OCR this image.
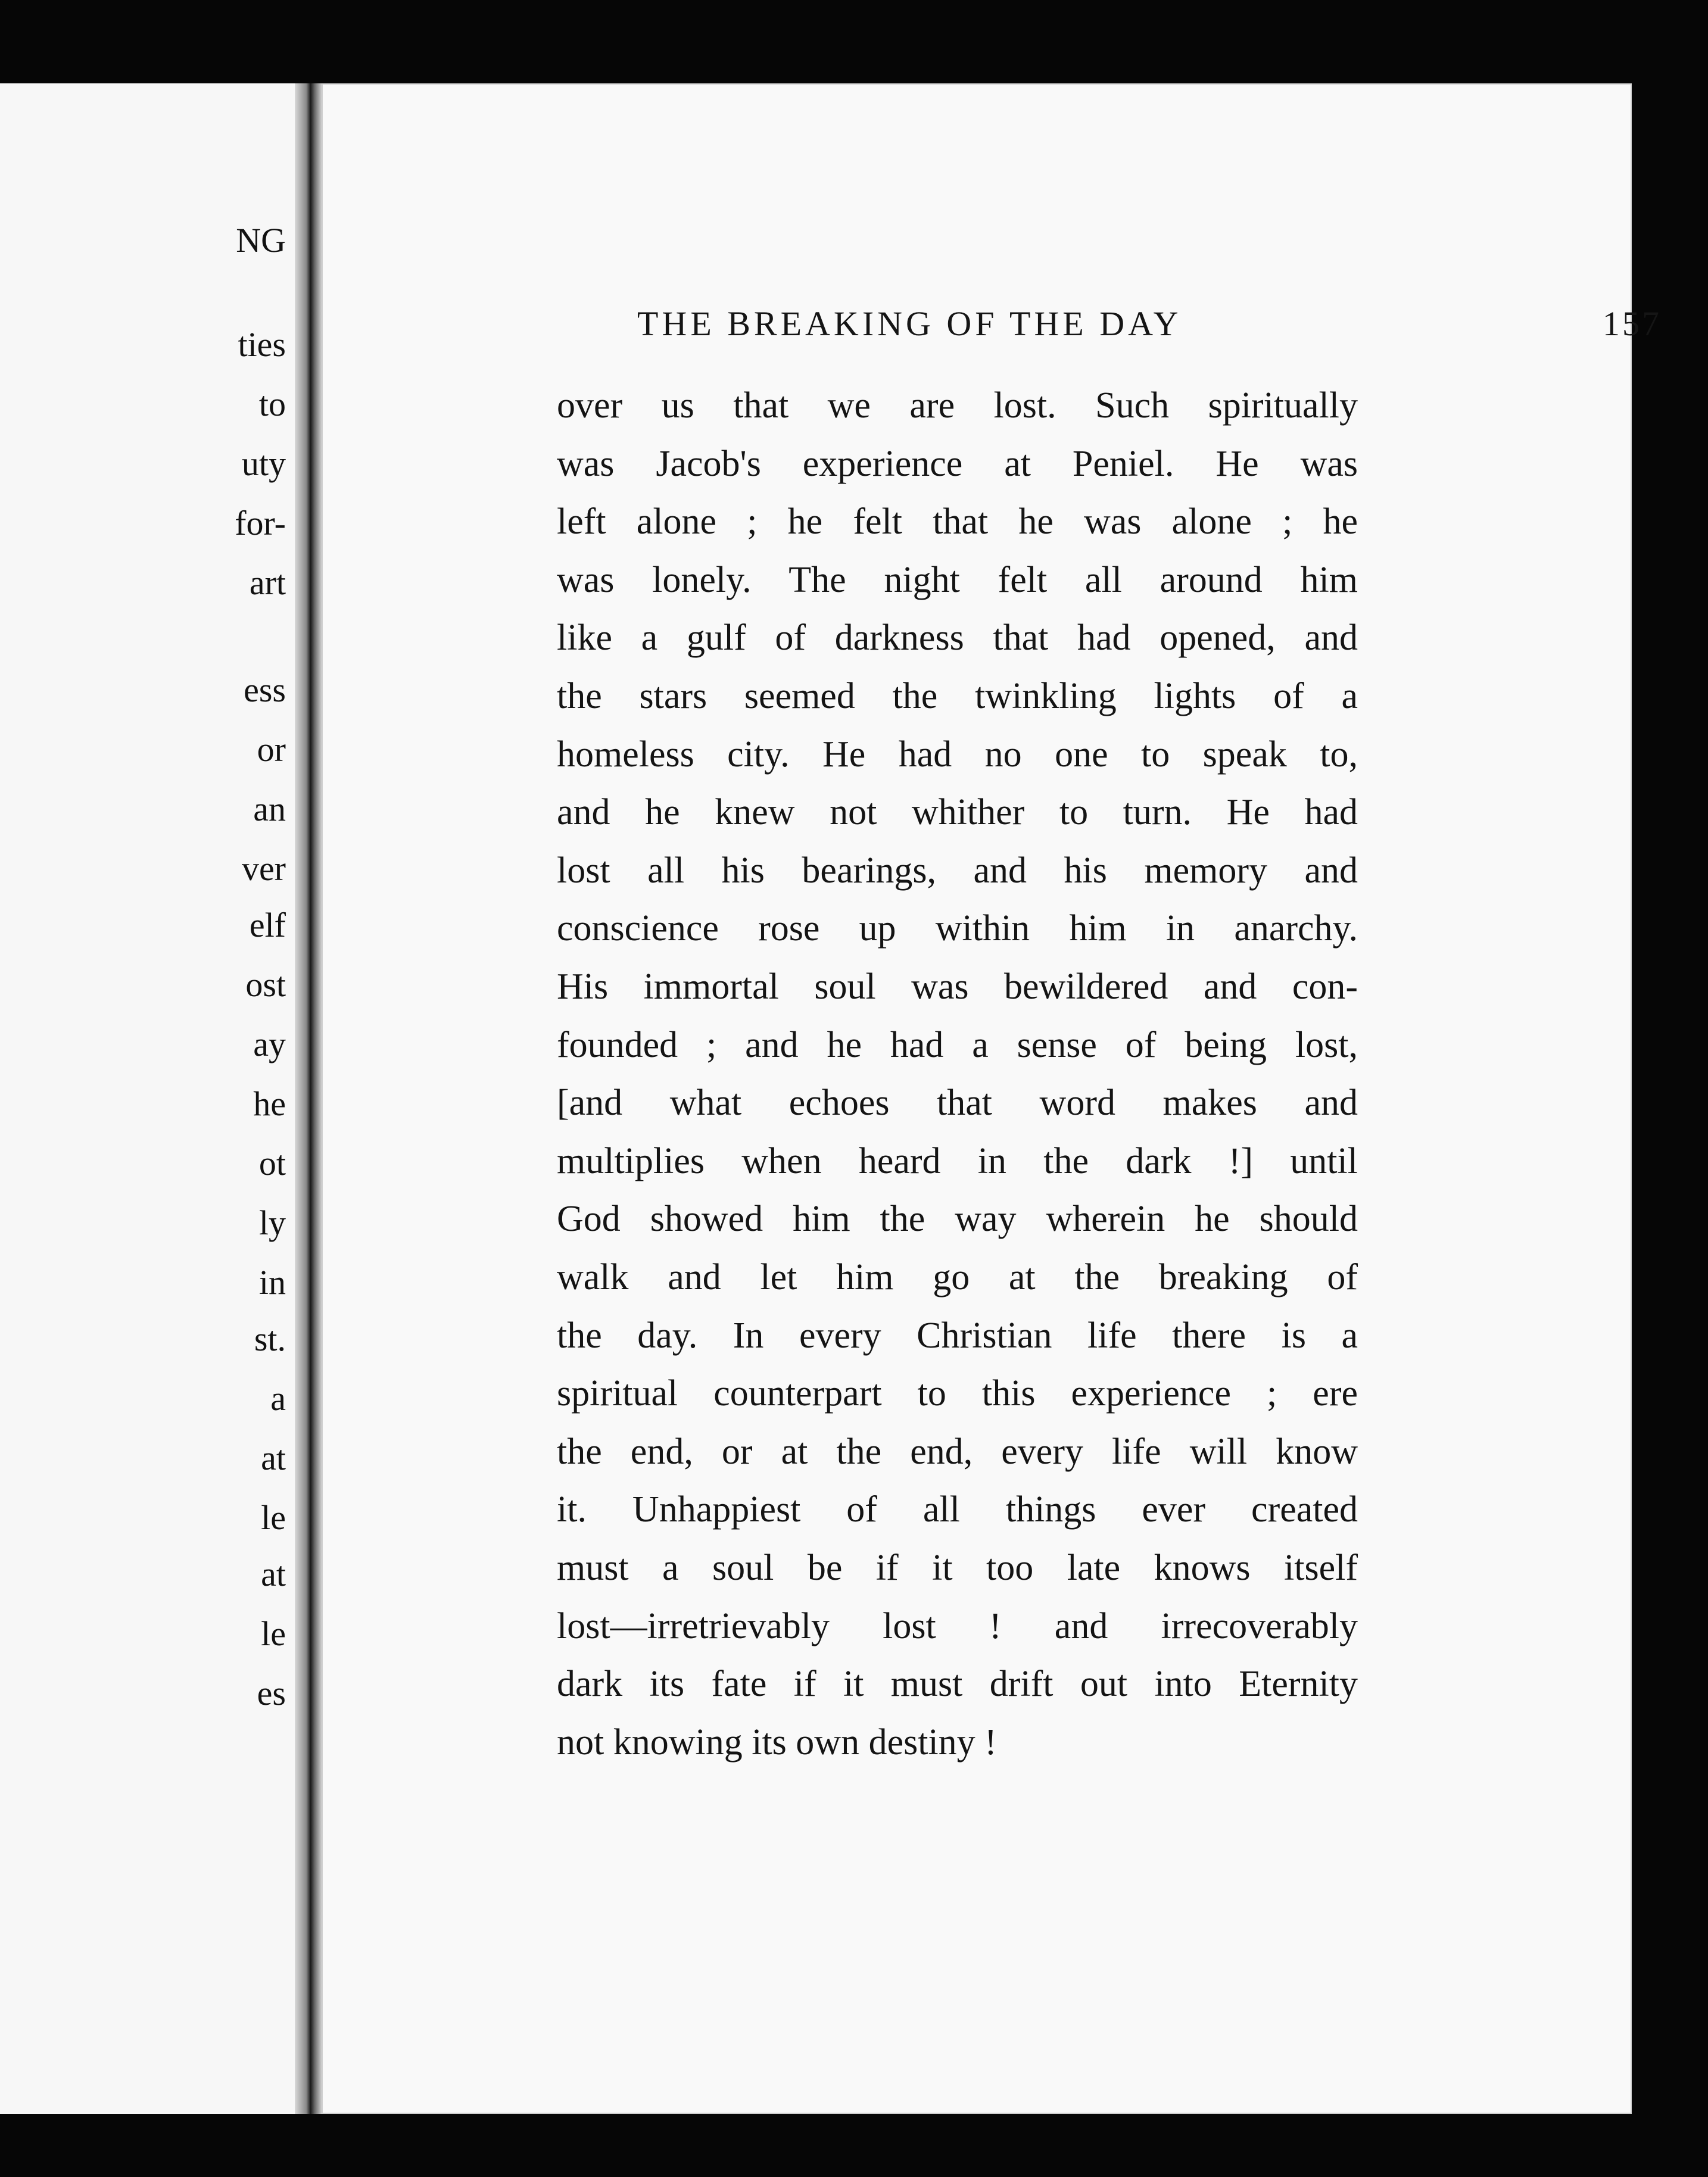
NG
ties
to
uty
for-
art
ess
or
an
ver
elf
ost
ay
he
ot
ly
in
st.
a
at
le
at
le
es
THE BREAKING OF THE DAY	157
over us that we are lost. Such spiritually
was Jacob's experience at Peniel. He was
left alone ; he felt that he was alone ; he
was lonely. The night felt all around him
like a gulf of darkness that had opened, and
the stars seemed the twinkling lights of a
homeless city. He had no one to speak to,
and he knew not whither to turn. He had
lost all his bearings, and his memory and
conscience rose up within him in anarchy.
His immortal soul was bewildered and con-
founded ; and he had a sense of being lost,
[and what echoes that word makes and
multiplies when heard in the dark !] until
God showed him the way wherein he should
walk and let him go at the breaking of
the day. In every Christian life there is a
spiritual counterpart to this experience ; ere
the end, or at the end, every life will know
it. Unhappiest of all things ever created
must a soul be if it too late knows itself
lost—irretrievably lost ! and irrecoverably
dark its fate if it must drift out into Eternity
not knowing its own destiny !
